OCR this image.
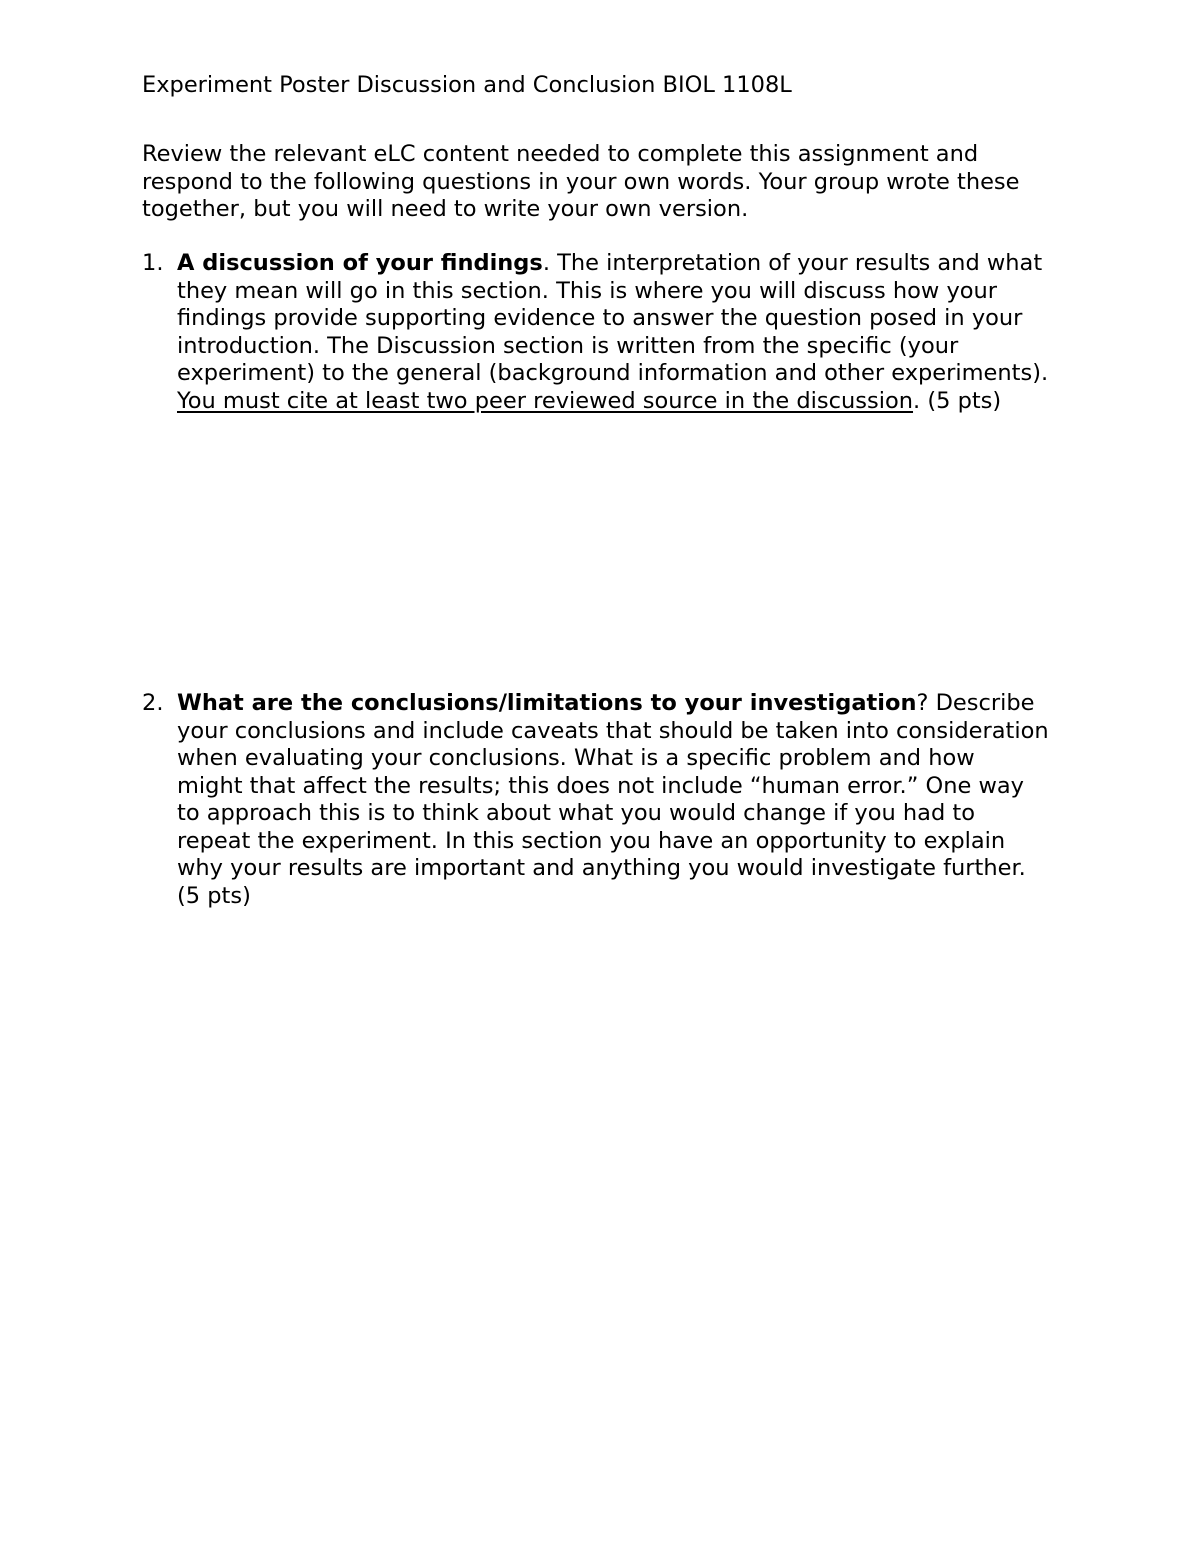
Experiment Poster Discussion and Conclusion BIOL 1108L
Review the relevant eLC content needed to complete this assignment and
respond to the following questions in your own words. Your group wrote these
together, but you will need to write your own version.
1. A discussion of your findings. The interpretation of your results and what
they mean will go in this section. This is where you will discuss how your
findings provide supporting evidence to answer the question posed in your
introduction. The Discussion section is written from the specific (your
experiment) to the general (background information and other experiments).
You must cite at least two peer reviewed source in the discussion. (5 pts)
2. What are the conclusions/limitations to your investigation? Describe
your conclusions and include caveats that should be taken into consideration
when evaluating your conclusions. What is a specific problem and how
might that affect the results; this does not include “human error.” One way
to approach this is to think about what you would change if you had to
repeat the experiment. In this section you have an opportunity to explain
why your results are important and anything you would investigate further.
(5 pts)
